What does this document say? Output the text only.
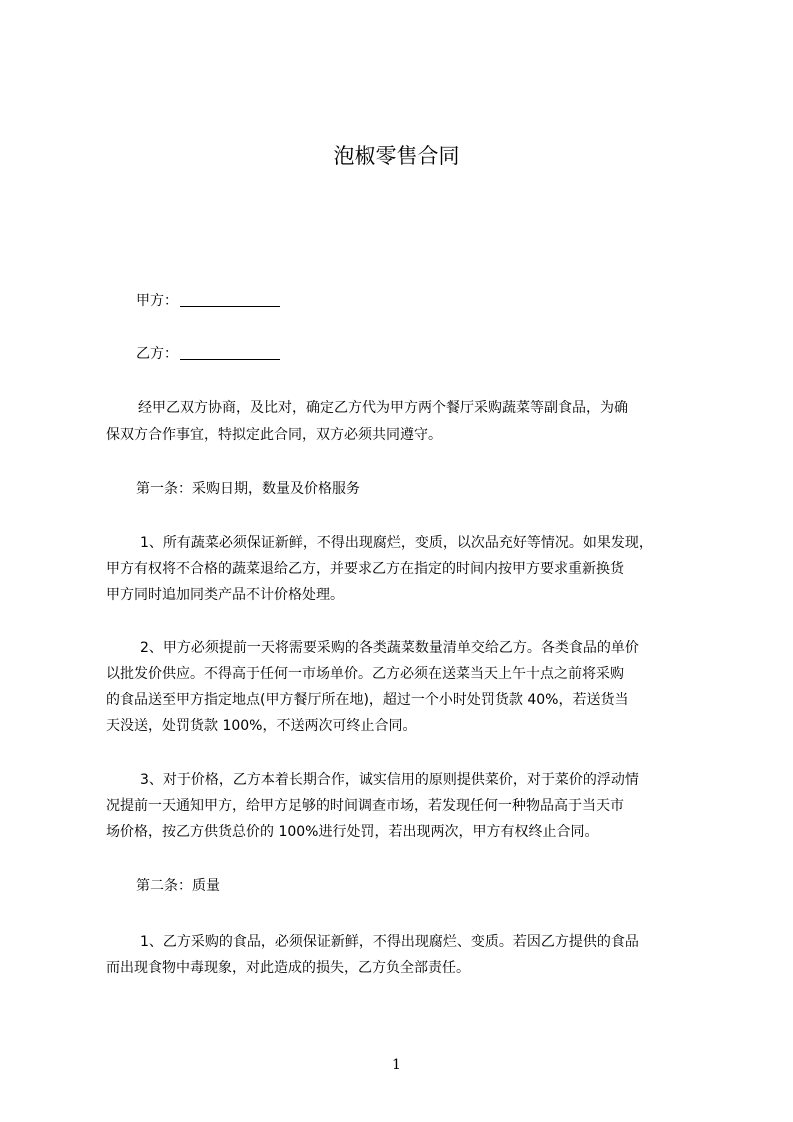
泡椒零售合同

甲方：

乙方：

经甲乙双方协商，及比对，确定乙方代为甲方两个餐厅采购蔬菜等副食品，为确

保双方合作事宜，特拟定此合同，双方必须共同遵守。

第一条：采购日期，数量及价格服务

1、所有蔬菜必须保证新鲜，不得出现腐烂，变质，以次品充好等情况。如果发现，

甲方有权将不合格的蔬菜退给乙方，并要求乙方在指定的时间内按甲方要求重新换货

甲方同时追加同类产品不计价格处理。

2、甲方必须提前一天将需要采购的各类蔬菜数量清单交给乙方。各类食品的单价

以批发价供应。不得高于任何一市场单价。乙方必须在送菜当天上午十点之前将采购

的食品送至甲方指定地点(甲方餐厅所在地)，超过一个小时处罚货款 40%，若送货当

天没送，处罚货款 100%，不送两次可终止合同。

3、对于价格，乙方本着长期合作，诚实信用的原则提供菜价，对于菜价的浮动情

况提前一天通知甲方，给甲方足够的时间调查市场，若发现任何一种物品高于当天市

场价格，按乙方供货总价的 100%进行处罚，若出现两次，甲方有权终止合同。

第二条：质量

1、乙方采购的食品，必须保证新鲜，不得出现腐烂、变质。若因乙方提供的食品

而出现食物中毒现象，对此造成的损失，乙方负全部责任。

1
